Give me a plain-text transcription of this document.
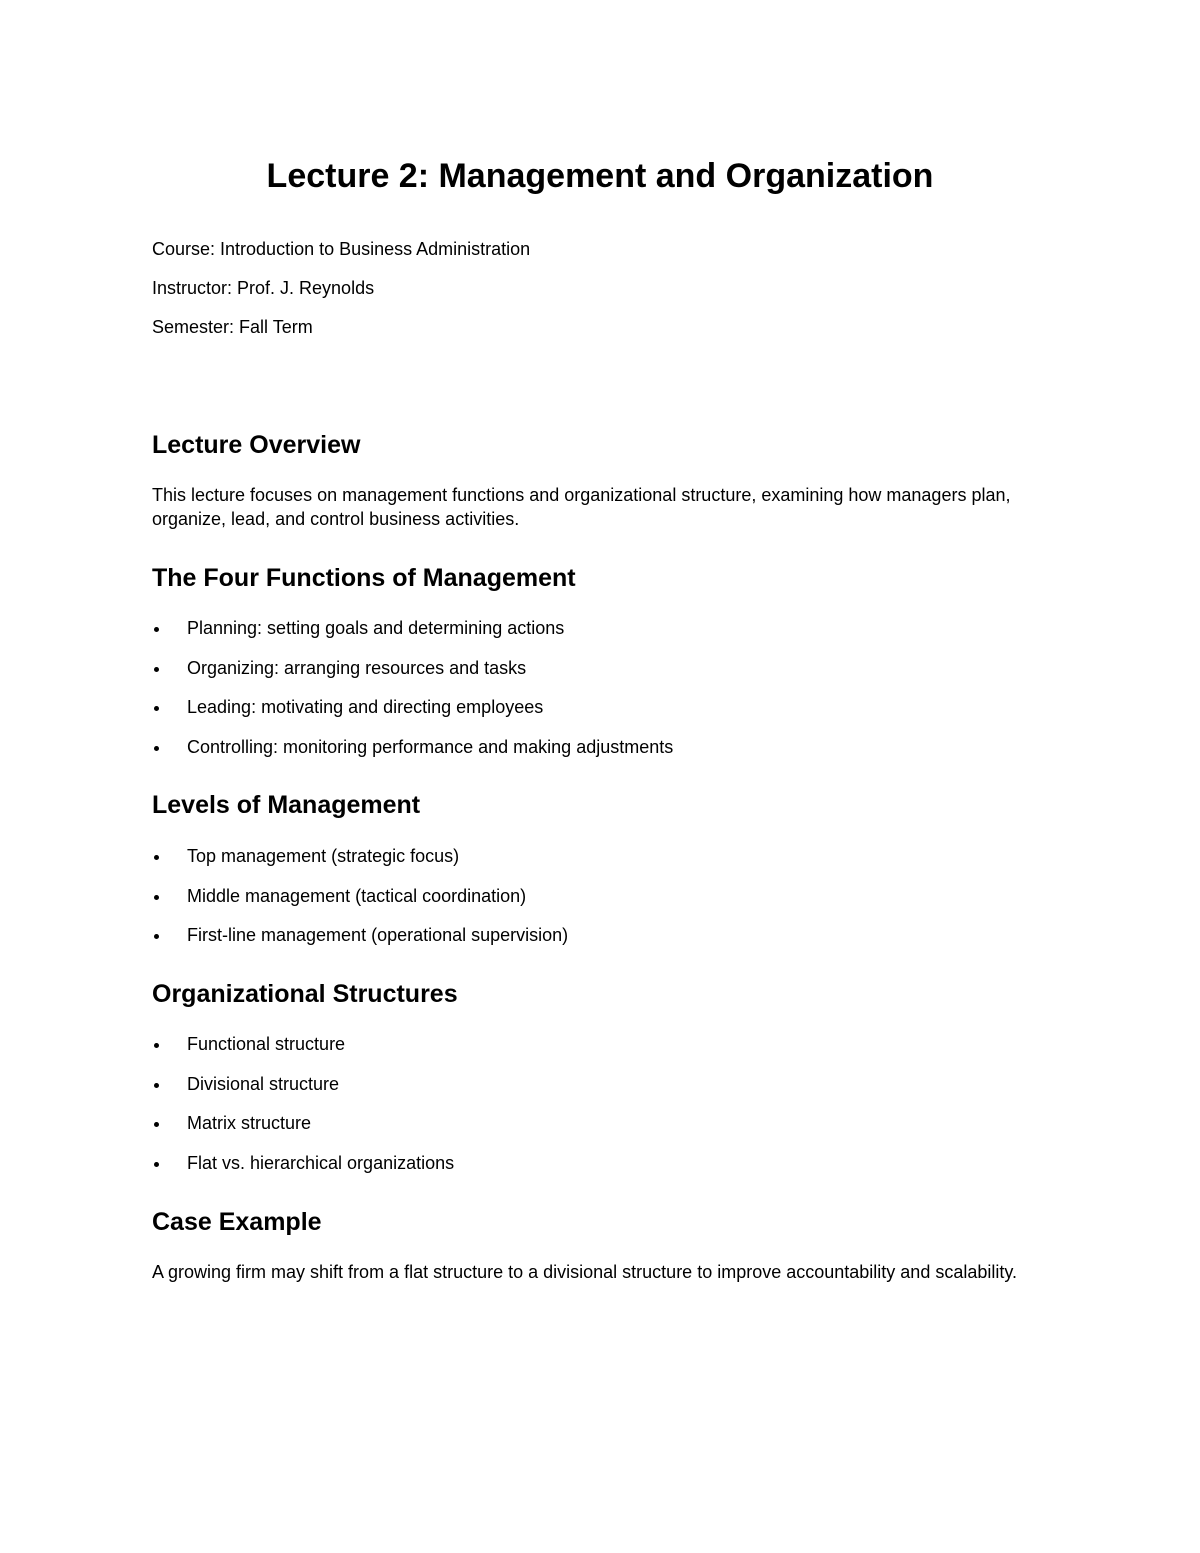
Lecture 2: Management and Organization

Course: Introduction to Business Administration

Instructor: Prof. J. Reynolds

Semester: Fall Term

Lecture Overview

This lecture focuses on management functions and organizational structure, examining how managers plan, organize, lead, and control business activities.

The Four Functions of Management
Planning: setting goals and determining actions
Organizing: arranging resources and tasks
Leading: motivating and directing employees
Controlling: monitoring performance and making adjustments
Levels of Management
Top management (strategic focus)
Middle management (tactical coordination)
First-line management (operational supervision)
Organizational Structures
Functional structure
Divisional structure
Matrix structure
Flat vs. hierarchical organizations
Case Example

A growing firm may shift from a flat structure to a divisional structure to improve accountability and scalability.
